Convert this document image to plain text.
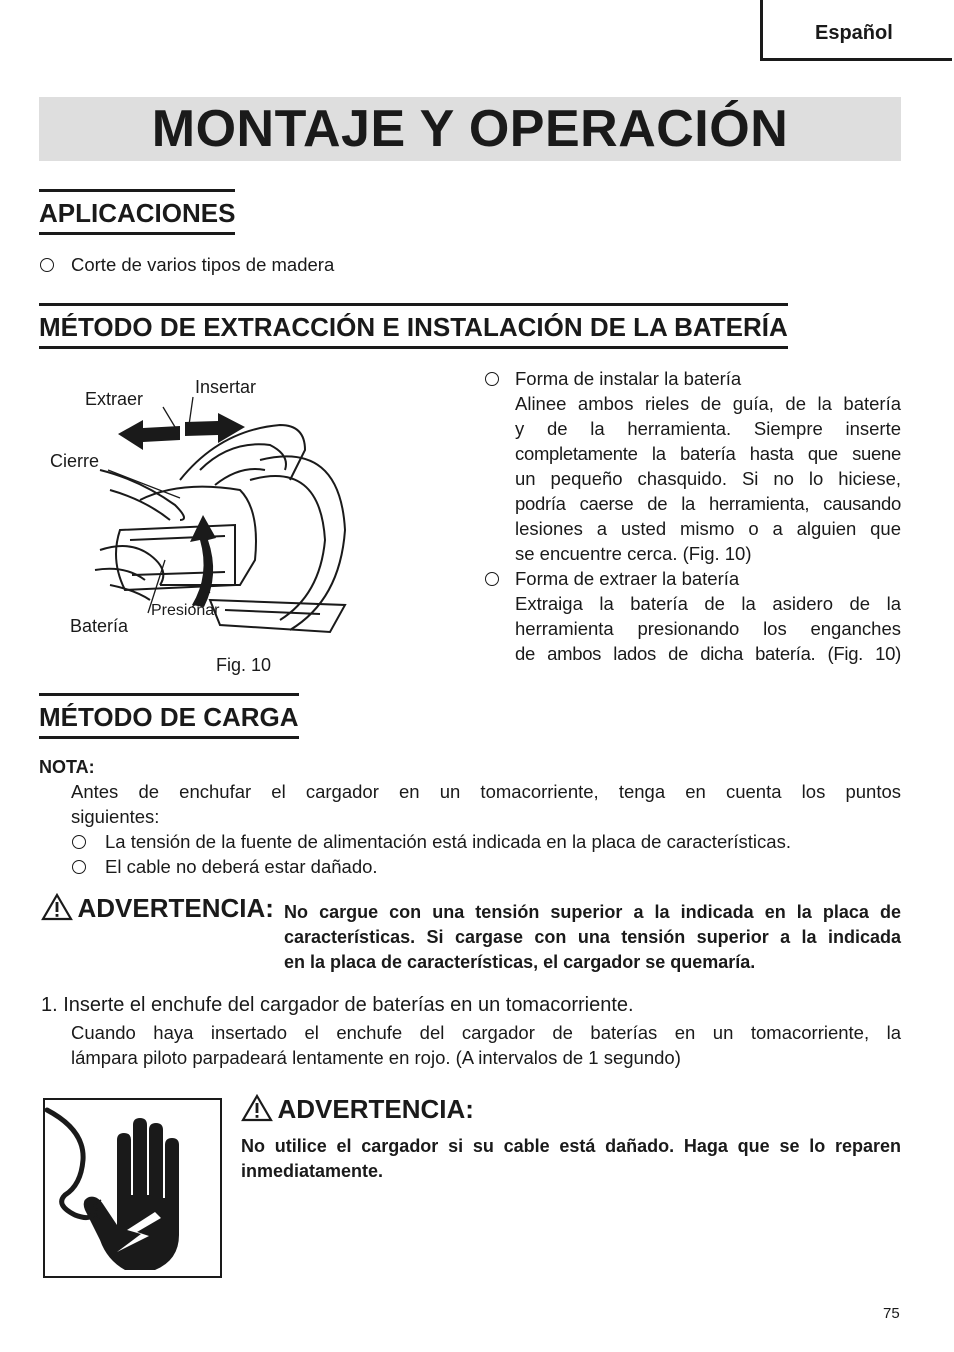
Español
MONTAJE Y OPERACIÓN
APLICACIONES
Corte de varios tipos de madera
MÉTODO DE EXTRACCIÓN E INSTALACIÓN DE LA BATERÍA
Extraer
Insertar
Cierre
Presionar
Batería
Fig. 10
Forma de instalar la batería
Alinee ambos rieles de guía, de la batería
y de la herramienta. Siempre inserte
completamente la batería hasta que suene
un pequeño chasquido. Si no lo hiciese,
podría caerse de la herramienta, causando
lesiones a usted mismo o a alguien que
se encuentre cerca. (Fig. 10)
Forma de extraer la batería
Extraiga la batería de la asidero de la
herramienta presionando los enganches
de ambos lados de dicha batería. (Fig. 10)
MÉTODO DE CARGA
NOTA:
Antes de enchufar el cargador en un tomacorriente, tenga en cuenta los puntos
siguientes:
La tensión de la fuente de alimentación está indicada en la placa de características.
El cable no deberá estar dañado.
ADVERTENCIA: No cargue con una tensión superior a la indicada en la placa de
características. Si cargase con una tensión superior a la indicada
en la placa de características, el cargador se quemaría.
1. Inserte el enchufe del cargador de baterías en un tomacorriente.
Cuando haya insertado el enchufe del cargador de baterías en un tomacorriente, la
lámpara piloto parpadeará lentamente en rojo. (A intervalos de 1 segundo)
ADVERTENCIA:
No utilice el cargador si su cable está dañado. Haga que se lo reparen
inmediatamente.
75
